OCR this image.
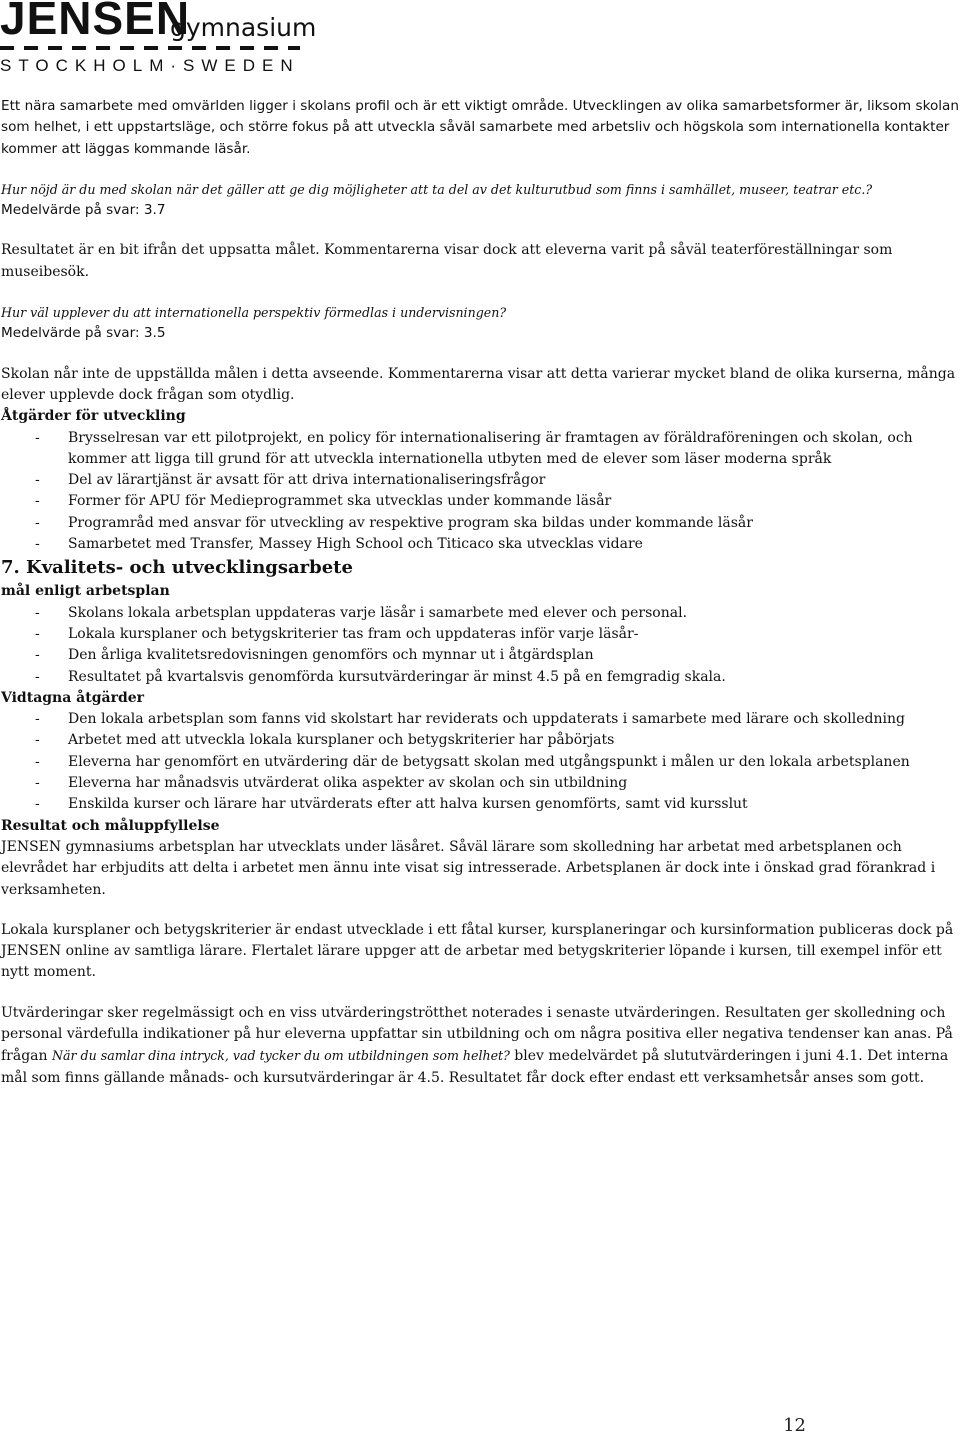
JENSEN
gymnasium
STOCKHOLM·SWEDEN

Ett nära samarbete med omvärlden ligger i skolans profil och är ett viktigt område. Utvecklingen av olika samarbetsformer är, liksom skolan som helhet, i ett uppstartsläge, och större fokus på att utveckla såväl samarbete med arbetsliv och högskola som internationella kontakter kommer att läggas kommande läsår.

Hur nöjd är du med skolan när det gäller att ge dig möjligheter att ta del av det kulturutbud som finns i samhället, museer, teatrar etc.?

Medelvärde på svar: 3.7

Resultatet är en bit ifrån det uppsatta målet. Kommentarerna visar dock att eleverna varit på såväl teaterföreställningar som museibesök.

Hur väl upplever du att internationella perspektiv förmedlas i undervisningen?

Medelvärde på svar: 3.5

Skolan når inte de uppställda målen i detta avseende. Kommentarerna visar att detta varierar mycket bland de olika kurserna, många elever upplevde dock frågan som otydlig.

Åtgärder för utveckling

- Brysselresan var ett pilotprojekt, en policy för internationalisering är framtagen av föräldraföreningen och skolan, och kommer att ligga till grund för att utveckla internationella utbyten med de elever som läser moderna språk
- Del av lärartjänst är avsatt för att driva internationaliseringsfrågor
- Former för APU för Medieprogrammet ska utvecklas under kommande läsår
- Programråd med ansvar för utveckling av respektive program ska bildas under kommande läsår
- Samarbetet med Transfer, Massey High School och Titicaco ska utvecklas vidare

7. Kvalitets- och utvecklingsarbete

mål enligt arbetsplan

- Skolans lokala arbetsplan uppdateras varje läsår i samarbete med elever och personal.
- Lokala kursplaner och betygskriterier tas fram och uppdateras inför varje läsår-
- Den årliga kvalitetsredovisningen genomförs och mynnar ut i åtgärdsplan
- Resultatet på kvartalsvis genomförda kursutvärderingar är minst 4.5 på en femgradig skala.

Vidtagna åtgärder

- Den lokala arbetsplan som fanns vid skolstart har reviderats och uppdaterats i samarbete med lärare och skolledning
- Arbetet med att utveckla lokala kursplaner och betygskriterier har påbörjats
- Eleverna har genomfört en utvärdering där de betygsatt skolan med utgångspunkt i målen ur den lokala arbetsplanen
- Eleverna har månadsvis utvärderat olika aspekter av skolan och sin utbildning
- Enskilda kurser och lärare har utvärderats efter att halva kursen genomförts, samt vid kursslut

Resultat och måluppfyllelse

JENSEN gymnasiums arbetsplan har utvecklats under läsåret. Såväl lärare som skolledning har arbetat med arbetsplanen och elevrådet har erbjudits att delta i arbetet men ännu inte visat sig intresserade. Arbetsplanen är dock inte i önskad grad förankrad i verksamheten.

Lokala kursplaner och betygskriterier är endast utvecklade i ett fåtal kurser, kursplaneringar och kursinformation publiceras dock på JENSEN online av samtliga lärare. Flertalet lärare uppger att de arbetar med betygskriterier löpande i kursen, till exempel inför ett nytt moment.

Utvärderingar sker regelmässigt och en viss utvärderingströtthet noterades i senaste utvärderingen. Resultaten ger skolledning och personal värdefulla indikationer på hur eleverna uppfattar sin utbildning och om några positiva eller negativa tendenser kan anas. På frågan När du samlar dina intryck, vad tycker du om utbildningen som helhet? blev medelvärdet på slututvärderingen i juni 4.1. Det interna mål som finns gällande månads- och kursutvärderingar är 4.5. Resultatet får dock efter endast ett verksamhetsår anses som gott.

12
